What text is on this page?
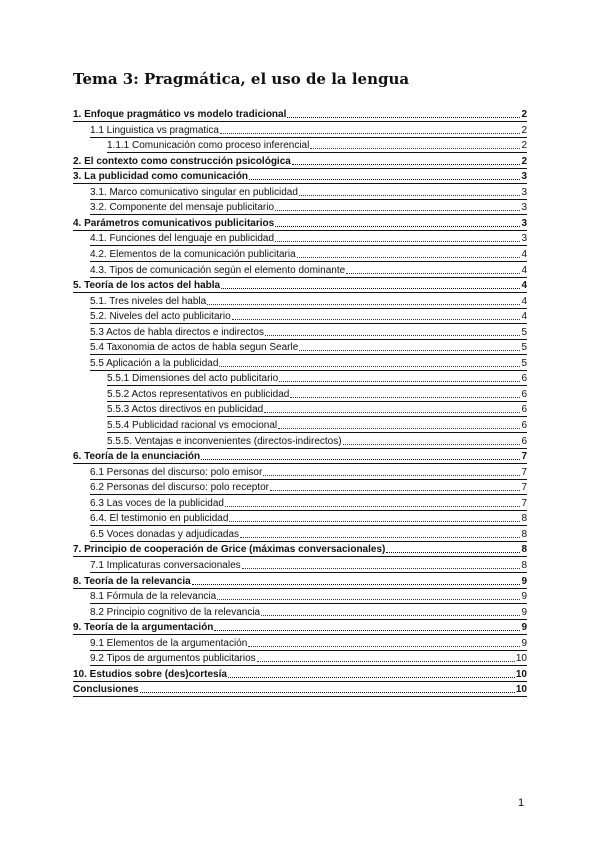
Tema 3: Pragmática, el uso de la lengua
1. Enfoque pragmático vs modelo tradicional	2
1.1 Linguistica vs pragmatica	2
1.1.1 Comunicación como proceso inferencial	2
2. El contexto como construcción psicológica	2
3. La publicidad como comunicación	3
3.1. Marco comunicativo singular en publicidad	3
3.2. Componente del mensaje publicitario	3
4. Parámetros comunicativos publicitarios	3
4.1. Funciones del lenguaje en publicidad	3
4.2. Elementos de la comunicación publicitaria	4
4.3. Tipos de comunicación según el elemento dominante	4
5. Teoría de los actos del habla	4
5.1. Tres niveles del habla	4
5.2. Niveles del acto publicitario	4
5.3 Actos de habla directos e indirectos	5
5.4 Taxonomia de actos de habla segun Searle	5
5.5 Aplicación a la publicidad	5
5.5.1 Dimensiones del acto publicitario	6
5.5.2 Actos representativos en publicidad	6
5.5.3 Actos directivos en publicidad	6
5.5.4 Publicidad racional vs emocional	6
5.5.5. Ventajas e inconvenientes (directos-indirectos)	6
6. Teoría de la enunciación	7
6.1 Personas del discurso: polo emisor	7
6.2 Personas del discurso: polo receptor	7
6.3 Las voces de la publicidad	7
6.4. El testimonio en publicidad	8
6.5 Voces donadas y adjudicadas	8
7. Principio de cooperación de Grice (máximas conversacionales)	8
7.1 Implicaturas conversacionales	8
8. Teoría de la relevancia	9
8.1 Fórmula de la relevancia	9
8.2 Principio cognitivo de la relevancia	9
9. Teoría de la argumentación	9
9.1 Elementos de la argumentación	9
9.2 Tipos de argumentos publicitarios	10
10. Estudios sobre (des)cortesía	10
Conclusiones	10
1
